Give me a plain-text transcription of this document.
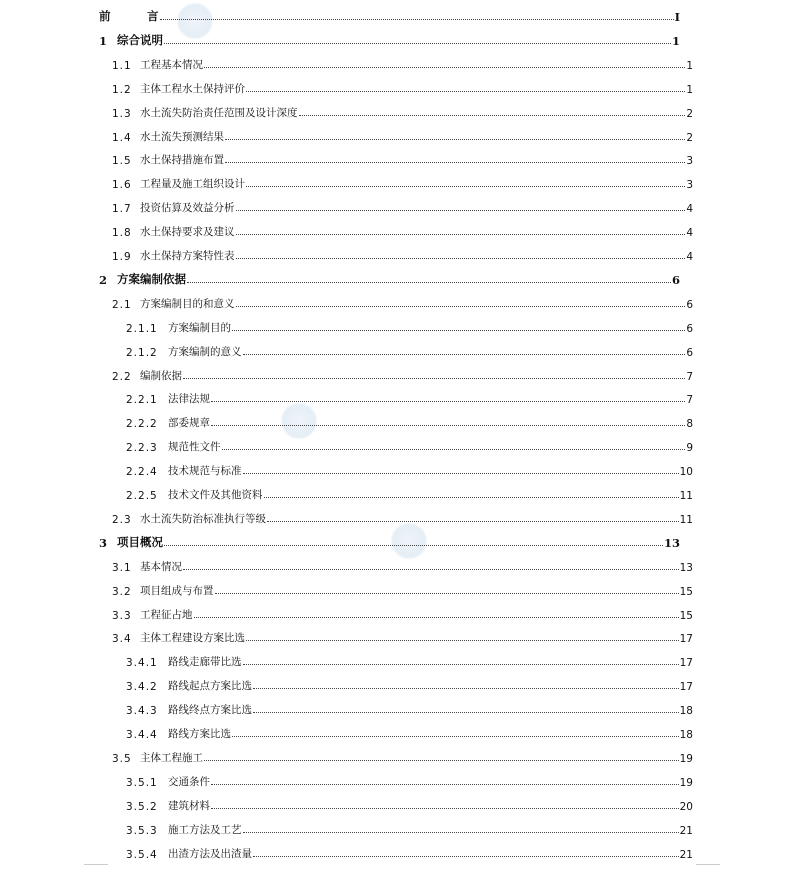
前	言	I
1 综合说明	1
1.1 工程基本情况	1
1.2 主体工程水土保持评价	1
1.3 水土流失防治责任范围及设计深度	2
1.4 水土流失预测结果	2
1.5 水土保持措施布置	3
1.6 工程量及施工组织设计	3
1.7 投资估算及效益分析	4
1.8 水土保持要求及建议	4
1.9 水土保持方案特性表	4
2 方案编制依据	6
2.1 方案编制目的和意义	6
2.1.1 方案编制目的	6
2.1.2 方案编制的意义	6
2.2 编制依据	7
2.2.1 法律法规	7
2.2.2 部委规章	8
2.2.3 规范性文件	9
2.2.4 技术规范与标准	10
2.2.5 技术文件及其他资料	11
2.3 水土流失防治标准执行等级	11
3 项目概况	13
3.1 基本情况	13
3.2 项目组成与布置	15
3.3 工程征占地	15
3.4 主体工程建设方案比选	17
3.4.1 路线走廊带比选	17
3.4.2 路线起点方案比选	17
3.4.3 路线终点方案比选	18
3.4.4 路线方案比选	18
3.5 主体工程施工	19
3.5.1 交通条件	19
3.5.2 建筑材料	20
3.5.3 施工方法及工艺	21
3.5.4 出渣方法及出渣量	21
